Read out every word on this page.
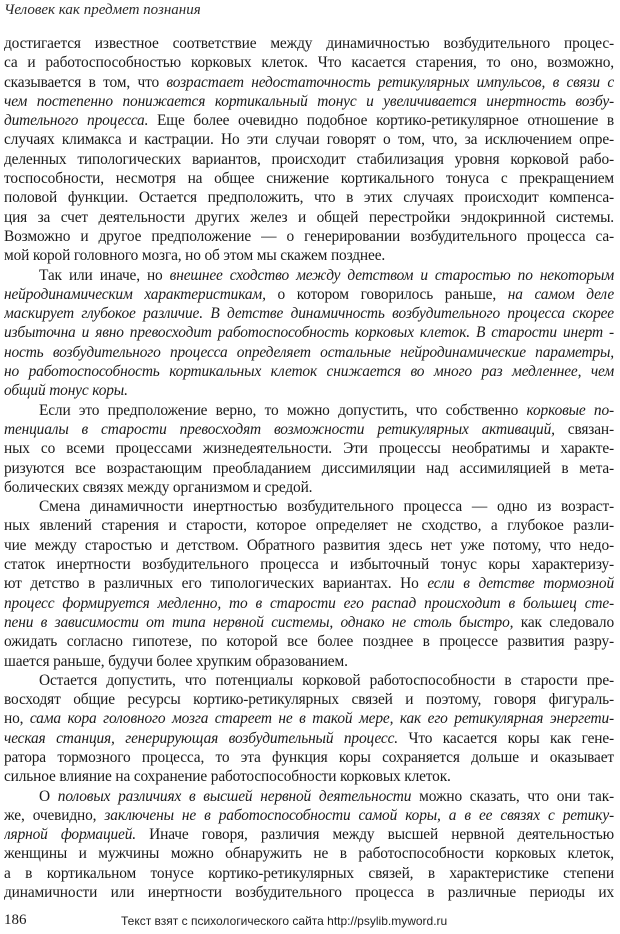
Человек как предмет познания
достигается известное соответствие между динамичностью возбудительного процес-
са и работоспособностью корковых клеток. Что касается старения, то оно, возможно,
сказывается в том, что возрастает недостаточность ретикулярных импульсов, в связи с
чем постепенно понижается кортикальный тонус и увеличивается инертность возбу-
дительного процесса. Еще более очевидно подобное кортико-ретикулярное отношение в
случаях климакса и кастрации. Но эти случаи говорят о том, что, за исключением опре-
деленных типологических вариантов, происходит стабилизация уровня корковой рабо-
тоспособности, несмотря на общее снижение кортикального тонуса с прекращением
половой функции. Остается предположить, что в этих случаях происходит компенса-
ция за счет деятельности других желез и общей перестройки эндокринной системы.
Возможно и другое предположение — о генерировании возбудительного процесса са-
мой корой головного мозга, но об этом мы скажем позднее.
Так или иначе, но внешнее сходство между детством и старостью по некоторым
нейродинамическим характеристикам, о котором говорилось раньше, на самом деле
маскирует глубокое различие. В детстве динамичность возбудительного процесса скорее
избыточна и явно превосходит работоспособность корковых клеток. В старости инерт -
ность возбудительного процесса определяет остальные нейродинамические параметры,
но работоспособность кортикальных клеток снижается во много раз медленнее, чем
общий тонус коры.
Если это предположение верно, то можно допустить, что собственно корковые по-
тенциалы в старости превосходят возможности ретикулярных активаций, связан-
ных со всеми процессами жизнедеятельности. Эти процессы необратимы и характе-
ризуются все возрастающим преобладанием диссимиляции над ассимиляцией в мета-
болических связях между организмом и средой.
Смена динамичности инертностью возбудительного процесса — одно из возраст-
ных явлений старения и старости, которое определяет не сходство, а глубокое разли-
чие между старостью и детством. Обратного развития здесь нет уже потому, что недо-
статок инертности возбудительного процесса и избыточный тонус коры характеризу-
ют детство в различных его типологических вариантах. Но если в детстве тормозной
процесс формируется медленно, то в старости его распад происходит в большец сте-
пени в зависимости от типа нервной системы, однако не столь быстро, как следовало
ожидать согласно гипотезе, по которой все более позднее в процессе развития разру-
шается раньше, будучи более хрупким образованием.
Остается допустить, что потенциалы корковой работоспособности в старости пре-
восходят общие ресурсы кортико-ретикулярных связей и поэтому, говоря фигураль-
но, сама кора головного мозга стареет не в такой мере, как его ретикулярная энергети-
ческая станция, генерирующая возбудительный процесс. Что касается коры как гене-
ратора тормозного процесса, то эта функция коры сохраняется дольше и оказывает
сильное влияние на сохранение работоспособности корковых клеток.
О половых различиях в высшей нервной деятельности можно сказать, что они так-
же, очевидно, заключены не в работоспособности самой коры, а в ее связях с ретику-
лярной формацией. Иначе говоря, различия между высшей нервной деятельностью
женщины и мужчины можно обнаружить не в работоспособности корковых клеток,
а в кортикальном тонусе кортико-ретикулярных связей, в характеристике степени
динамичности или инертности возбудительного процесса в различные периоды их
186	Текст взят с психологического сайта http://psylib.myword.ru
